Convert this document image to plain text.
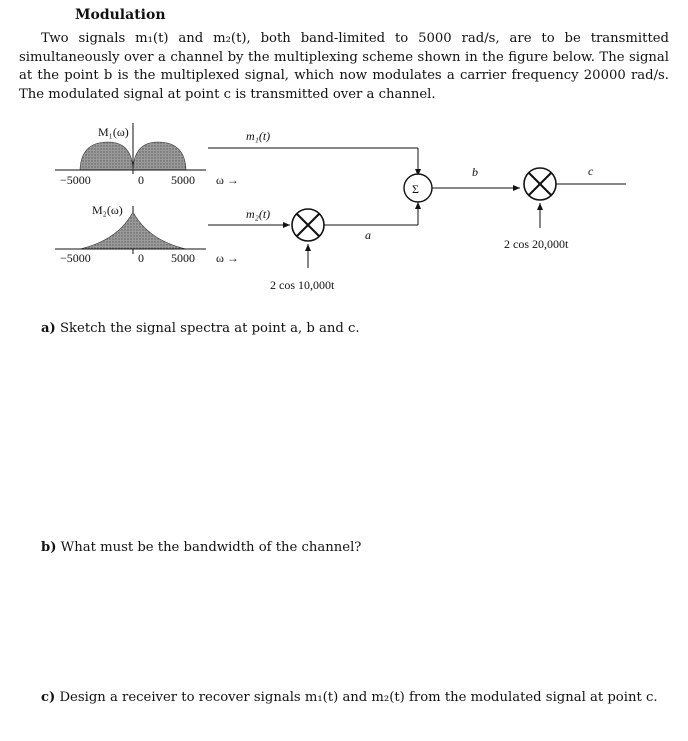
Modulation

Two signals m₁(t) and m₂(t), both band-limited to 5000 rad/s, are to be transmitted simultaneously over a channel by the multiplexing scheme shown in the figure below. The signal at the point b is the multiplexed signal, which now modulates a carrier frequency 20000 rad/s. The modulated signal at point c is transmitted over a channel.

M₁(ω)
−5000	0 5000 ω →
M₂(ω)
−5000	0 5000 ω →
m₁(t)
m₂(t)
2 cos 10,000t
a
Σ
b
2 cos 20,000t
c
a) Sketch the signal spectra at point a, b and c.
b) What must be the bandwidth of the channel?
c) Design a receiver to recover signals m₁(t) and m₂(t) from the modulated signal at point c.
